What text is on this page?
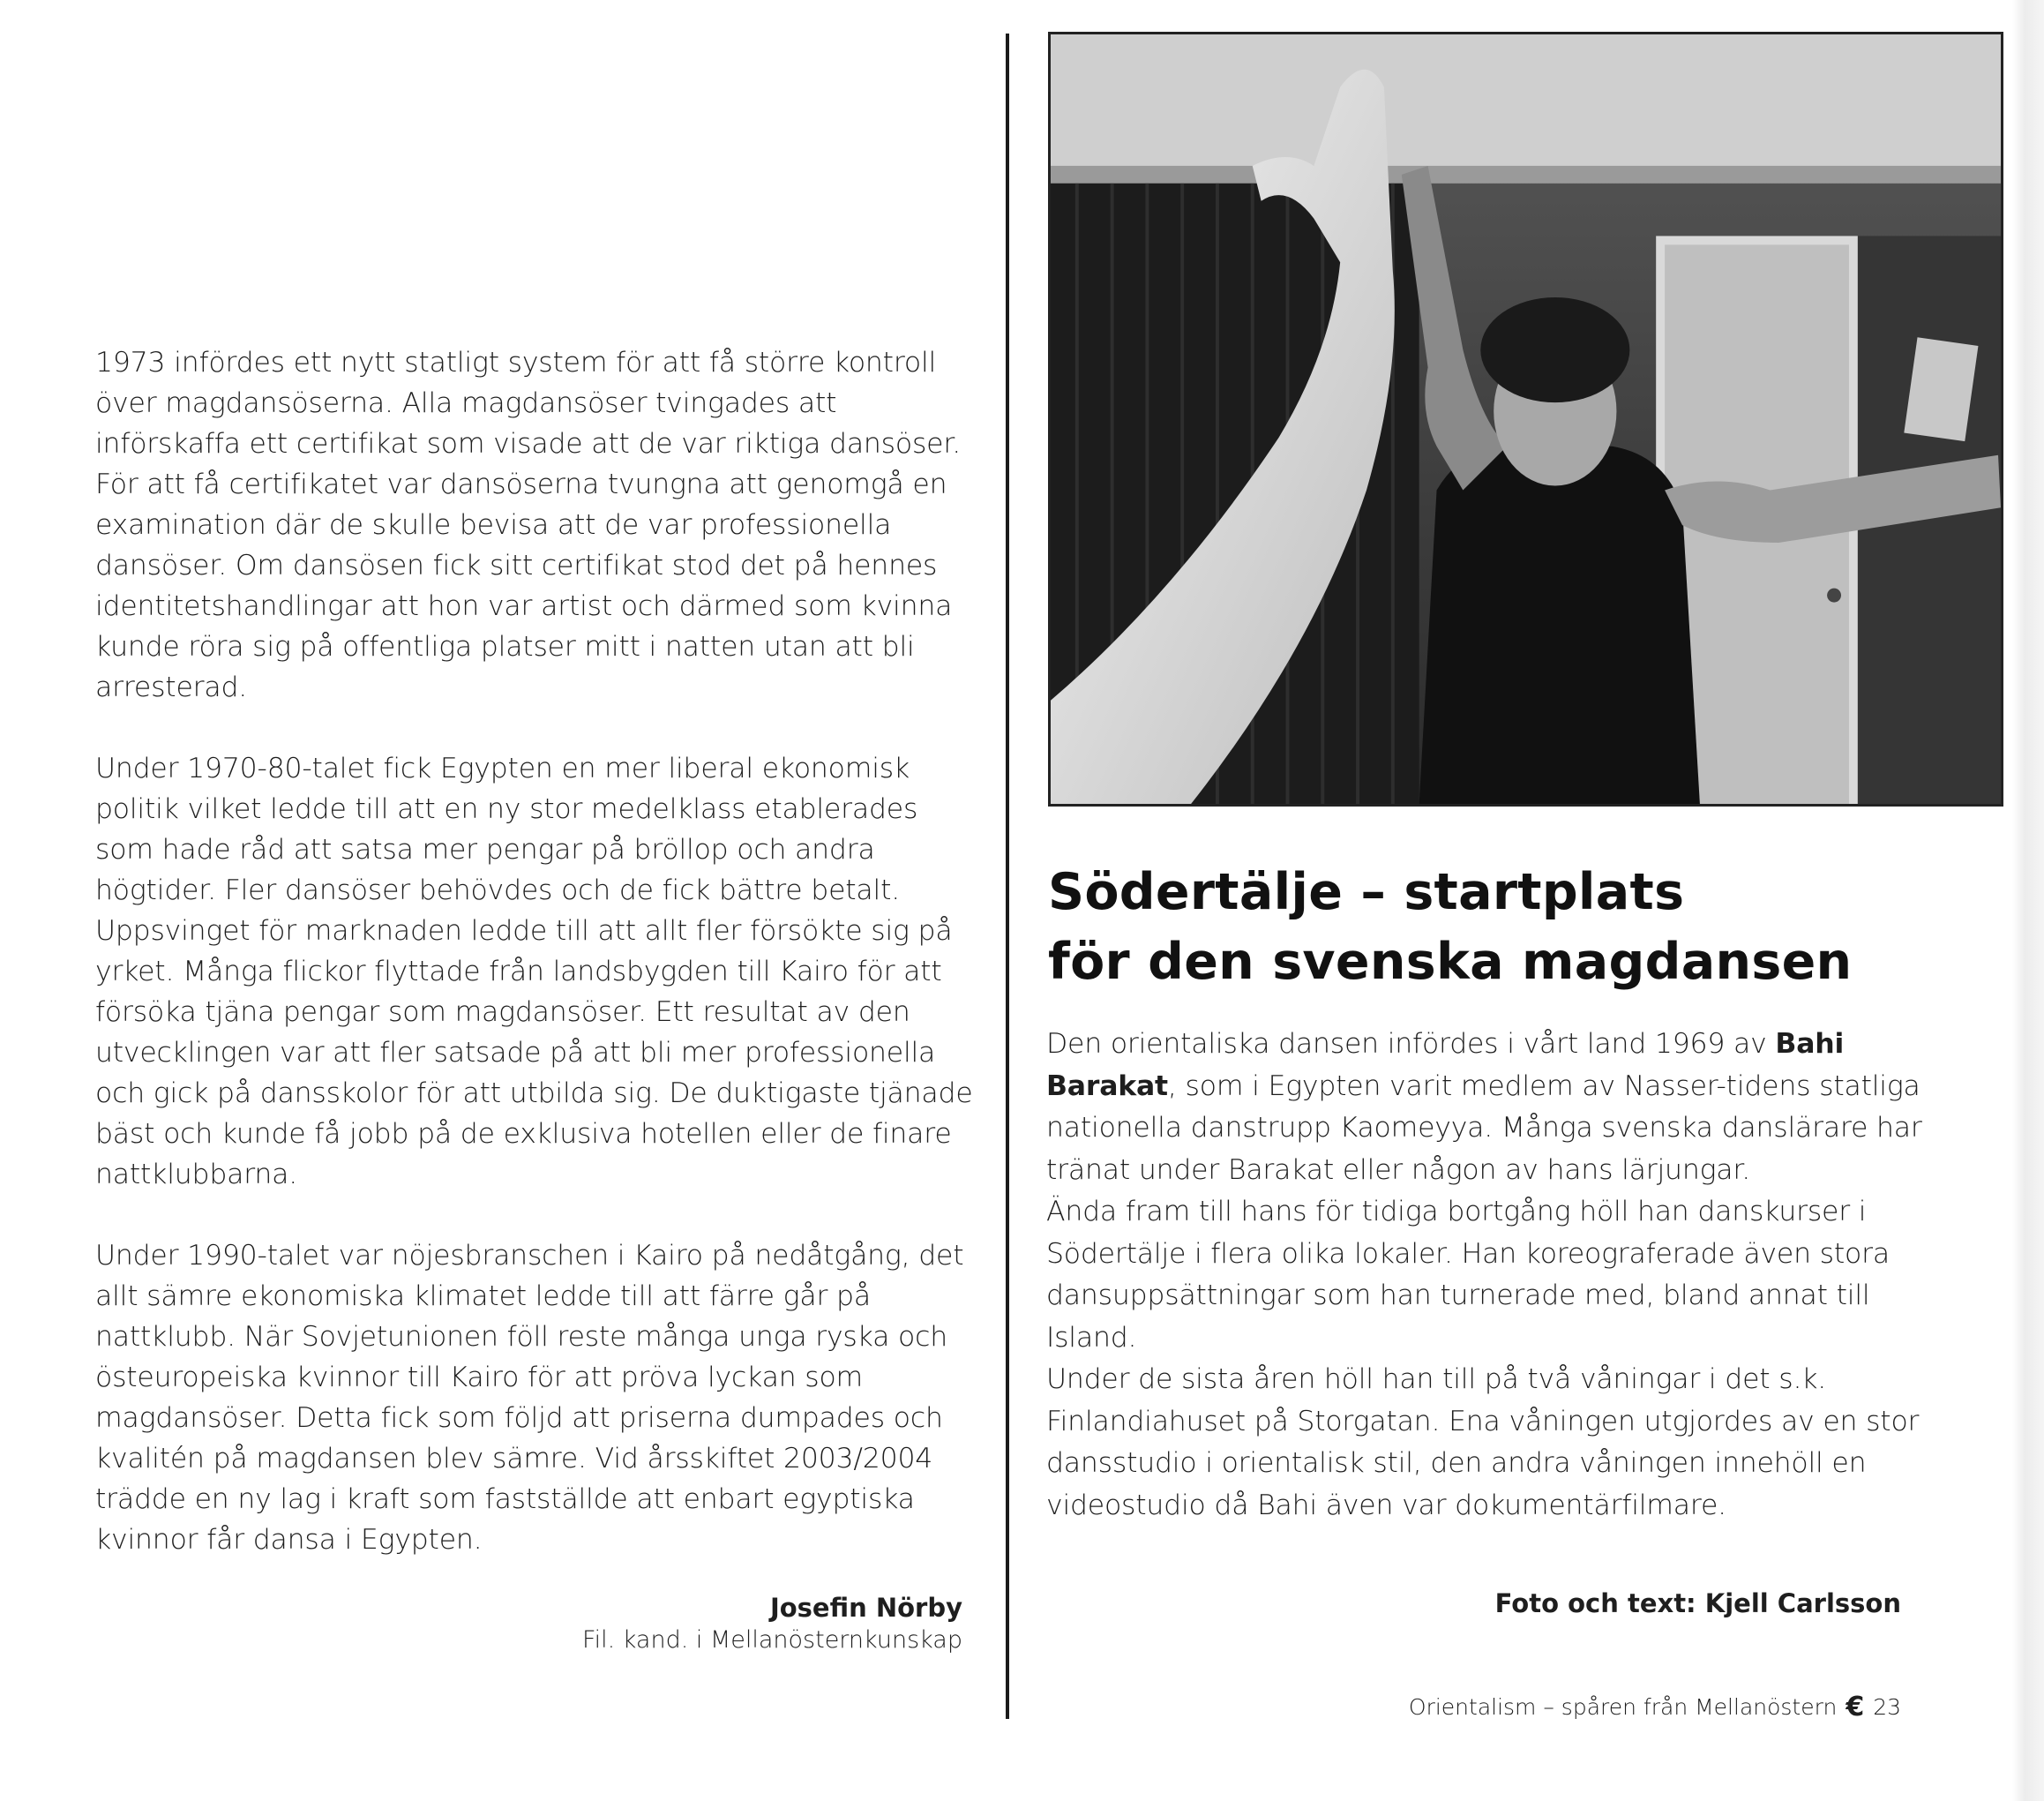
1973 infördes ett nytt statligt system för att få större kontroll över magdansöserna. Alla magdansöser tvingades att införskaffa ett certifikat som visade att de var riktiga dansöser. För att få certifikatet var dansöserna tvungna att genomgå en examination där de skulle bevisa att de var professionella dansöser. Om dansösen fick sitt certifikat stod det på hennes identitetshandlingar att hon var artist och därmed som kvinna kunde röra sig på offentliga platser mitt i natten utan att bli arresterad.

Under 1970-80-talet fick Egypten en mer liberal ekonomisk politik vilket ledde till att en ny stor medelklass etablerades som hade råd att satsa mer pengar på bröllop och andra högtider. Fler dansöser behövdes och de fick bättre betalt. Uppsvinget för marknaden ledde till att allt fler försökte sig på yrket. Många flickor flyttade från landsbygden till Kairo för att försöka tjäna pengar som magdansöser. Ett resultat av den utvecklingen var att fler satsade på att bli mer professionella och gick på dansskolor för att utbilda sig. De duktigaste tjänade bäst och kunde få jobb på de exklusiva hotellen eller de finare nattklubbarna.

Under 1990-talet var nöjesbranschen i Kairo på nedåtgång, det allt sämre ekonomiska klimatet ledde till att färre går på nattklubb. När Sovjetunionen föll reste många unga ryska och östeuropeiska kvinnor till Kairo för att pröva lyckan som magdansöser. Detta fick som följd att priserna dumpades och kvalitén på magdansen blev sämre. Vid årsskiftet 2003/2004 trädde en ny lag i kraft som fastställde att enbart egyptiska kvinnor får dansa i Egypten.

Josefin Nörby
Fil. kand. i Mellanösternkunskap
Södertälje – startplats
för den svenska magdansen

Den orientaliska dansen infördes i vårt land 1969 av Bahi Barakat, som i Egypten varit medlem av Nasser-tidens statliga nationella danstrupp Kaomeyya. Många svenska danslärare har tränat under Barakat eller någon av hans lärjungar.

Ända fram till hans för tidiga bortgång höll han danskurser i Södertälje i flera olika lokaler. Han koreograferade även stora dansuppsättningar som han turnerade med, bland annat till Island.

Under de sista åren höll han till på två våningar i det s.k. Finlandiahuset på Storgatan. Ena våningen utgjordes av en stor dansstudio i orientalisk stil, den andra våningen innehöll en videostudio då Bahi även var dokumentärfilmare.

Foto och text: Kjell Carlsson
Orientalism – spåren från Mellanöstern € 23
